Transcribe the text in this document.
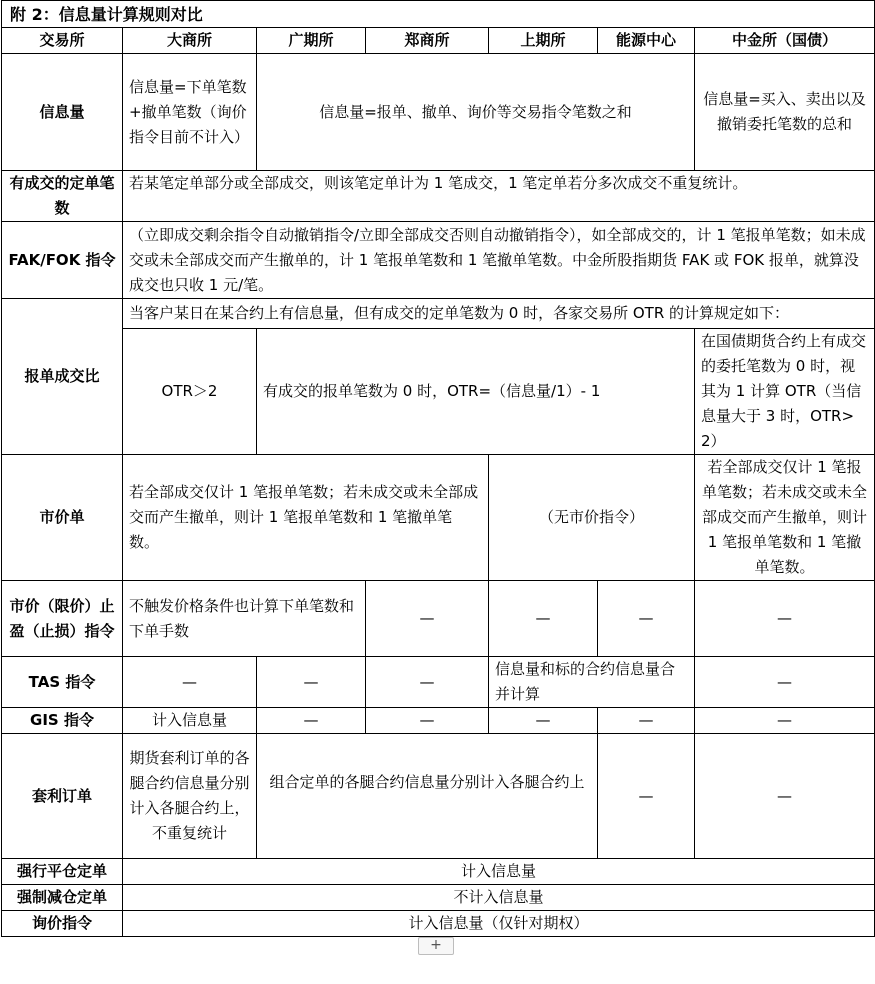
附 2：信息量计算规则对比						
交易所	大商所	广期所	郑商所	上期所	能源中心	中金所（国债）
信息量	信息量=下单笔数+撤单笔数（询价指令目前不计入）	信息量=报单、撤单、询价等交易指令笔数之和				信息量=买入、卖出以及撤销委托笔数的总和
有成交的定单笔数	若某笔定单部分或全部成交，则该笔定单计为 1 笔成交，1 笔定单若分多次成交不重复统计。					
FAK/FOK 指令	（立即成交剩余指令自动撤销指令/立即全部成交否则自动撤销指令），如全部成交的，计 1 笔报单笔数；如未成交或未全部成交而产生撤单的，计 1 笔报单笔数和 1 笔撤单笔数。中金所股指期货 FAK 或 FOK 报单，就算没成交也只收 1 元/笔。					
报单成交比	当客户某日在某合约上有信息量，但有成交的定单笔数为 0 时，各家交易所 OTR 的计算规定如下：					
	OTR＞2	有成交的报单笔数为 0 时，OTR=（信息量/1）- 1				在国债期货合约上有成交的委托笔数为 0 时，视其为 1 计算 OTR（当信息量大于 3 时，OTR>2）
市价单	若全部成交仅计 1 笔报单笔数；若未成交或未全部成交而产生撤单，则计 1 笔报单笔数和 1 笔撤单笔数。			（无市价指令）		若全部成交仅计 1 笔报单笔数；若未成交或未全部成交而产生撤单，则计 1 笔报单笔数和 1 笔撤单笔数。
市价（限价）止盈（止损）指令	不触发价格条件也计算下单笔数和下单手数		—	—	—	—
TAS 指令	—	—	—	信息量和标的合约信息量合并计算		—
GIS 指令	计入信息量	—	—	—	—	—
套利订单	期货套利订单的各腿合约信息量分别计入各腿合约上，不重复统计	组合定单的各腿合约信息量分别计入各腿合约上			—	—
强行平仓定单	计入信息量					
强制减仓定单	不计入信息量					
询价指令	计入信息量（仅针对期权）					
+
